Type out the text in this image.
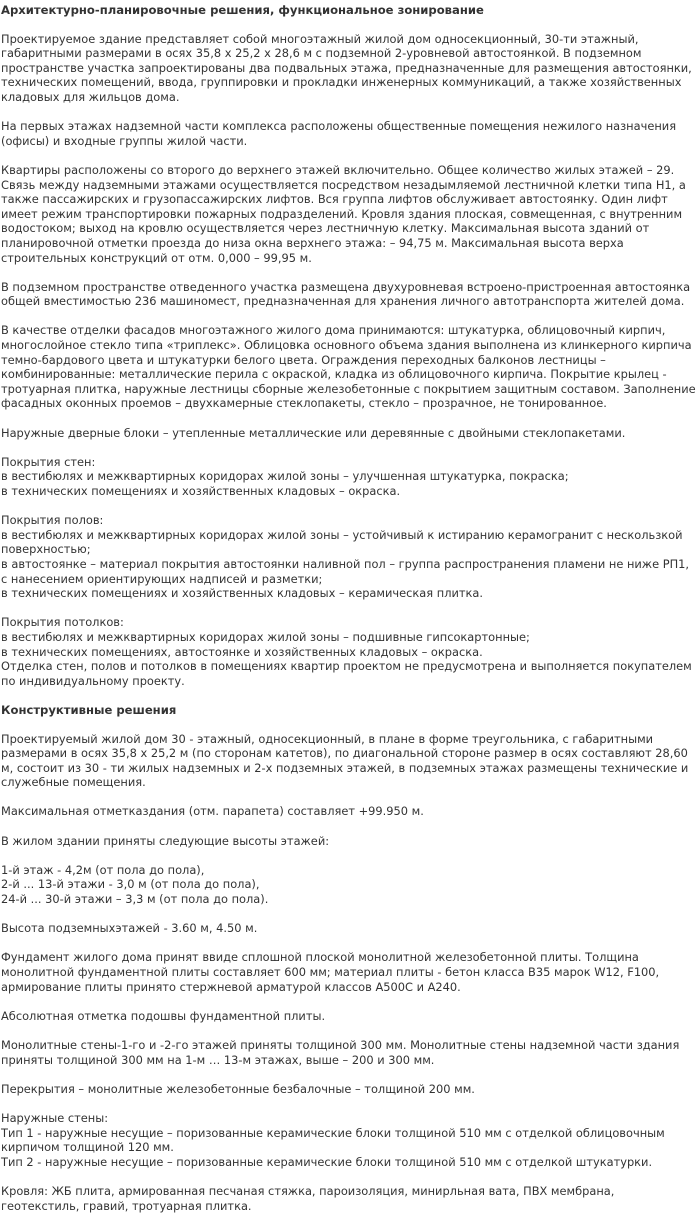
Архитектурно-планировочные решения, функциональное зонирование

Проектируемое здание представляет собой многоэтажный жилой дом односекционный, 30-ти этажный, габаритными размерами в осях 35,8 х 25,2 х 28,6 м с подземной 2-уровневой автостоянкой. В подземном пространстве участка запроектированы два подвальных этажа, предназначенные для размещения автостоянки, технических помещений, ввода, группировки и прокладки инженерных коммуникаций, а также хозяйственных кладовых для жильцов дома.

На первых этажах надземной части комплекса расположены общественные помещения нежилого назначения (офисы) и входные группы жилой части.

Квартиры расположены со второго до верхнего этажей включительно. Общее количество жилых этажей – 29. Связь между надземными этажами осуществляется посредством незадымляемой лестничной клетки типа Н1, а также пассажирских и грузопассажирских лифтов. Вся группа лифтов обслуживает автостоянку. Один лифт имеет режим транспортировки пожарных подразделений. Кровля здания плоская, совмещенная, с внутренним водостоком; выход на кровлю осуществляется через лестничную клетку. Максимальная высота зданий от планировочной отметки проезда до низа окна верхнего этажа: – 94,75 м. Максимальная высота верха строительных конструкций от отм. 0,000 – 99,95 м.

В подземном пространстве отведенного участка размещена двухуровневая встроено-пристроенная автостоянка общей вместимостью 236 машиномест, предназначенная для хранения личного автотранспорта жителей дома.

В качестве отделки фасадов многоэтажного жилого дома принимаются: штукатурка, облицовочный кирпич, многослойное стекло типа «триплекс». Облицовка основного объема здания выполнена из клинкерного кирпича темно-бардового цвета и штукатурки белого цвета. Ограждения переходных балконов лестницы – комбинированные: металлические перила с окраской, кладка из облицовочного кирпича. Покрытие крылец - тротуарная плитка, наружные лестницы сборные железобетонные с покрытием защитным составом. Заполнение фасадных оконных проемов – двухкамерные стеклопакеты, стекло – прозрачное, не тонированное.

Наружные дверные блоки – утепленные металлические или деревянные с двойными стеклопакетами.

Покрытия стен:
в вестибюлях и межквартирных коридорах жилой зоны – улучшенная штукатурка, покраска;
в технических помещениях и хозяйственных кладовых – окраска.

Покрытия полов:
в вестибюлях и межквартирных коридорах жилой зоны – устойчивый к истиранию керамогранит с нескользкой поверхностью;
в автостоянке – материал покрытия автостоянки наливной пол – группа распространения пламени не ниже РП1, с нанесением ориентирующих надписей и разметки;
в технических помещениях и хозяйственных кладовых – керамическая плитка.

Покрытия потолков:
в вестибюлях и межквартирных коридорах жилой зоны – подшивные гипсокартонные;
в технических помещениях, автостоянке и хозяйственных кладовых – окраска.
Отделка стен, полов и потолков в помещениях квартир проектом не предусмотрена и выполняется покупателем по индивидуальному проекту.

Конструктивные решения

Проектируемый жилой дом 30 - этажный, односекционный, в плане в форме треугольника, с габаритными размерами в осях 35,8 х 25,2 м (по сторонам катетов), по диагональной стороне размер в осях составляют 28,60 м, состоит из 30 - ти жилых надземных и 2-х подземных этажей, в подземных этажах размещены технические и служебные помещения.

Максимальная отметказдания (отм. парапета) составляет +99.950 м.

В жилом здании приняты следующие высоты этажей:

1-й этаж - 4,2м (от пола до пола),
2-й ... 13-й этажи - 3,0 м (от пола до пола),
24-й ... 30-й этажи – 3,3 м (от пола до пола).

Высота подземныхэтажей - 3.60 м, 4.50 м.

Фундамент жилого дома принят ввиде сплошной плоской монолитной железобетонной плиты. Толщина монолитной фундаментной плиты составляет 600 мм; материал плиты - бетон класса В35 марок W12, F100, армирование плиты принято стержневой арматурой классов А500С и А240.

Абсолютная отметка подошвы фундаментной плиты.

Монолитные стены-1-го и -2-го этажей приняты толщиной 300 мм. Монолитные стены надземной части здания приняты толщиной 300 мм на 1-м … 13-м этажах, выше – 200 и 300 мм.

Перекрытия – монолитные железобетонные безбалочные – толщиной 200 мм.

Наружные стены:
Тип 1 - наружные несущие – поризованные керамические блоки толщиной 510 мм с отделкой облицовочным кирпичом толщиной 120 мм.
Тип 2 - наружные несущие – поризованные керамические блоки толщиной 510 мм с отделкой штукатурки.

Кровля: ЖБ плита, армированная песчаная стяжка, пароизоляция, минирльная вата, ПВХ мембрана, геотекстиль, гравий, тротуарная плитка.
